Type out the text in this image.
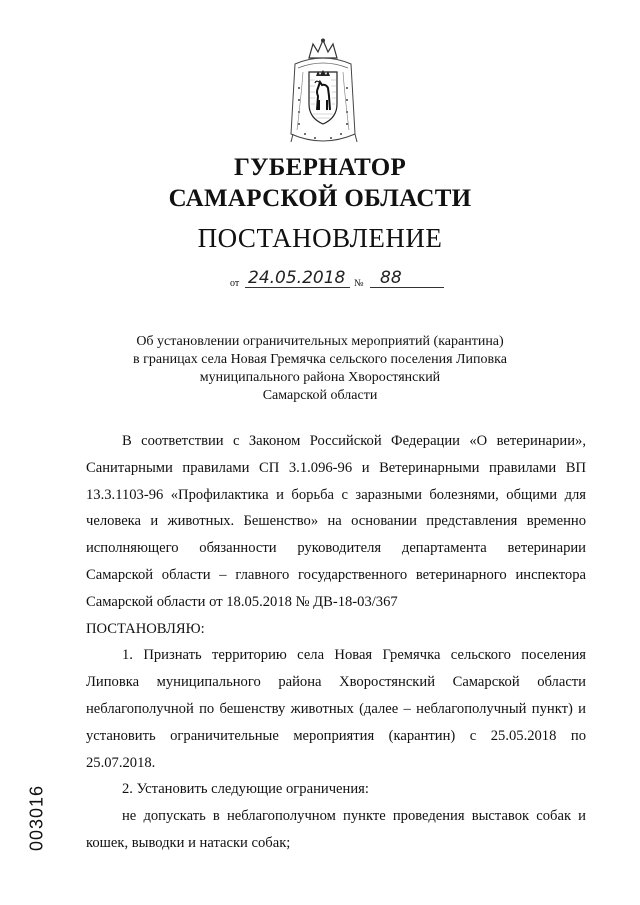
ГУБЕРНАТОР
САМАРСКОЙ ОБЛАСТИ
ПОСТАНОВЛЕНИЕ
от 24.05.2018 № 88
Об установлении ограничительных мероприятий (карантина)
в границах села Новая Гремячка сельского поселения Липовка
муниципального района Хворостянский
Самарской области

В соответствии с Законом Российской Федерации «О ветеринарии», Санитарными правилами СП 3.1.096-96 и Ветеринарными правилами ВП 13.3.1103-96 «Профилактика и борьба с заразными болезнями, общими для человека и животных. Бешенство» на основании представления временно исполняющего обязанности руководителя департамента ветеринарии Самарской области – главного государственного ветеринарного инспектора Самарской области от 18.05.2018 № ДВ-18-03/367

ПОСТАНОВЛЯЮ:

1. Признать территорию села Новая Гремячка сельского поселения Липовка муниципального района Хворостянский Самарской области неблагополучной по бешенству животных (далее – неблагополучный пункт) и установить ограничительные мероприятия (карантин) с 25.05.2018 по 25.07.2018.

2. Установить следующие ограничения:

не допускать в неблагополучном пункте проведения выставок собак и кошек, выводки и натаски собак;

003016
